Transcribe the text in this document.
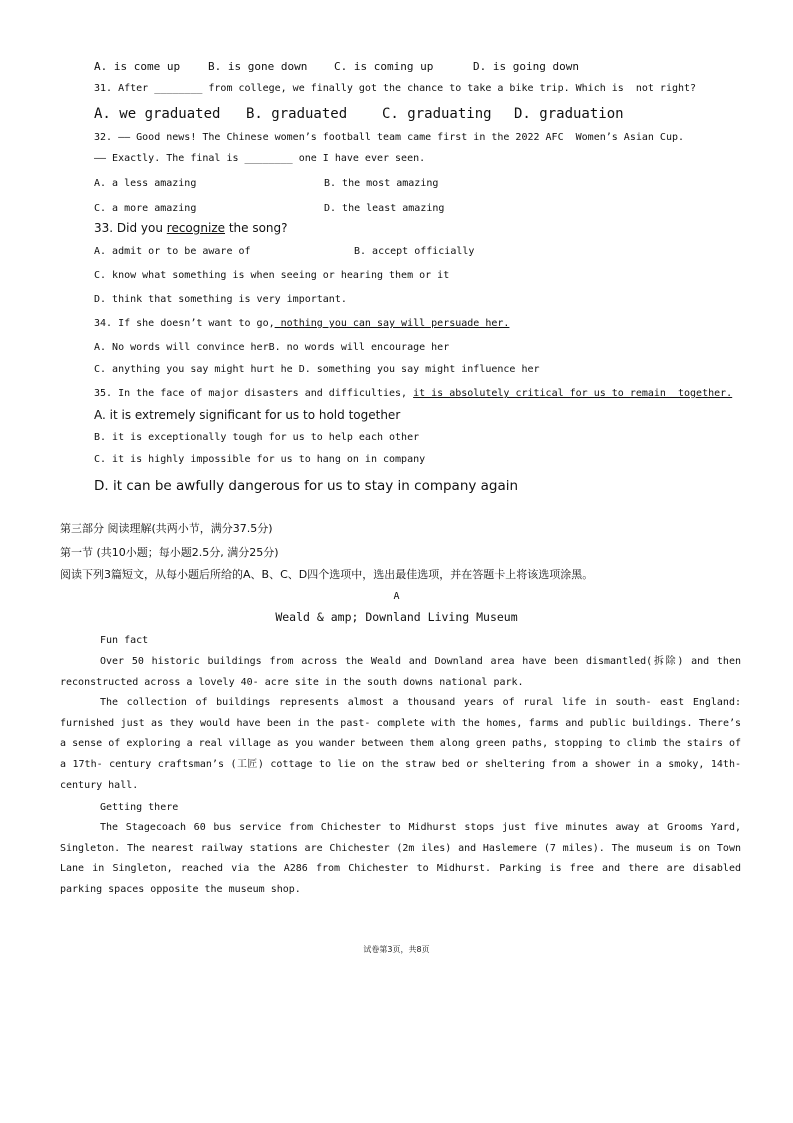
A. is come up	B. is gone down C. is coming up	D. is going down
31. After ________ from college, we finally got the chance to take a bike trip. Which is  not right?
A. we graduated B. graduated C. graduating D. graduation
32. —— Good news! The Chinese women’s football team came first in the 2022 AFC  Women’s Asian Cup.
—— Exactly. The final is ________ one I have ever seen.
A. a less amazing	B. the most amazing
C. a more amazing	D. the least amazing
33. Did you recognize the song?
A. admit or to be aware of	B. accept officially
C. know what something is when seeing or hearing them or it
D. think that something is very important.
34. If she doesn’t want to go, nothing you can say will persuade her.
A. No words will convince herB. no words will encourage her
C. anything you say might hurt he D. something you say might influence her
35. In the face of major disasters and difficulties, it is absolutely critical for us to remain  together.
A. it is extremely significant for us to hold together
B. it is exceptionally tough for us to help each other
C. it is highly impossible for us to hang on in company
D. it can be awfully dangerous for us to stay in company again
第三部分 阅读理解(共两小节，满分37.5分)
第一节 (共10小题；每小题2.5分, 满分25分)
阅读下列3篇短文，从每小题后所给的A、B、C、D四个选项中，选出最佳选项，并在答题卡上将该选项涂黑。
A
Weald & amp; Downland Living Museum
Fun fact
Over 50 historic buildings from across the Weald and Downland area have been dismantled(拆除) and then reconstructed across a lovely 40- acre site in the south downs national park.
The collection of buildings represents almost a thousand years of rural life in south- east England: furnished just as they would have been in the past- complete with the homes, farms and public buildings. There’s a sense of exploring a real village as you wander between them along green paths, stopping to climb the stairs of a 17th- century craftsman’s (工匠) cottage to lie on the straw bed or sheltering from a shower in a smoky, 14th- century hall.
Getting there
The Stagecoach 60 bus service from Chichester to Midhurst stops just five minutes away at Grooms Yard, Singleton. The nearest railway stations are Chichester (2m iles) and Haslemere (7 miles). The museum is on Town Lane in Singleton, reached via the A286 from Chichester to Midhurst. Parking is free and there are disabled parking spaces opposite the museum shop.
试卷第3页，共8页
